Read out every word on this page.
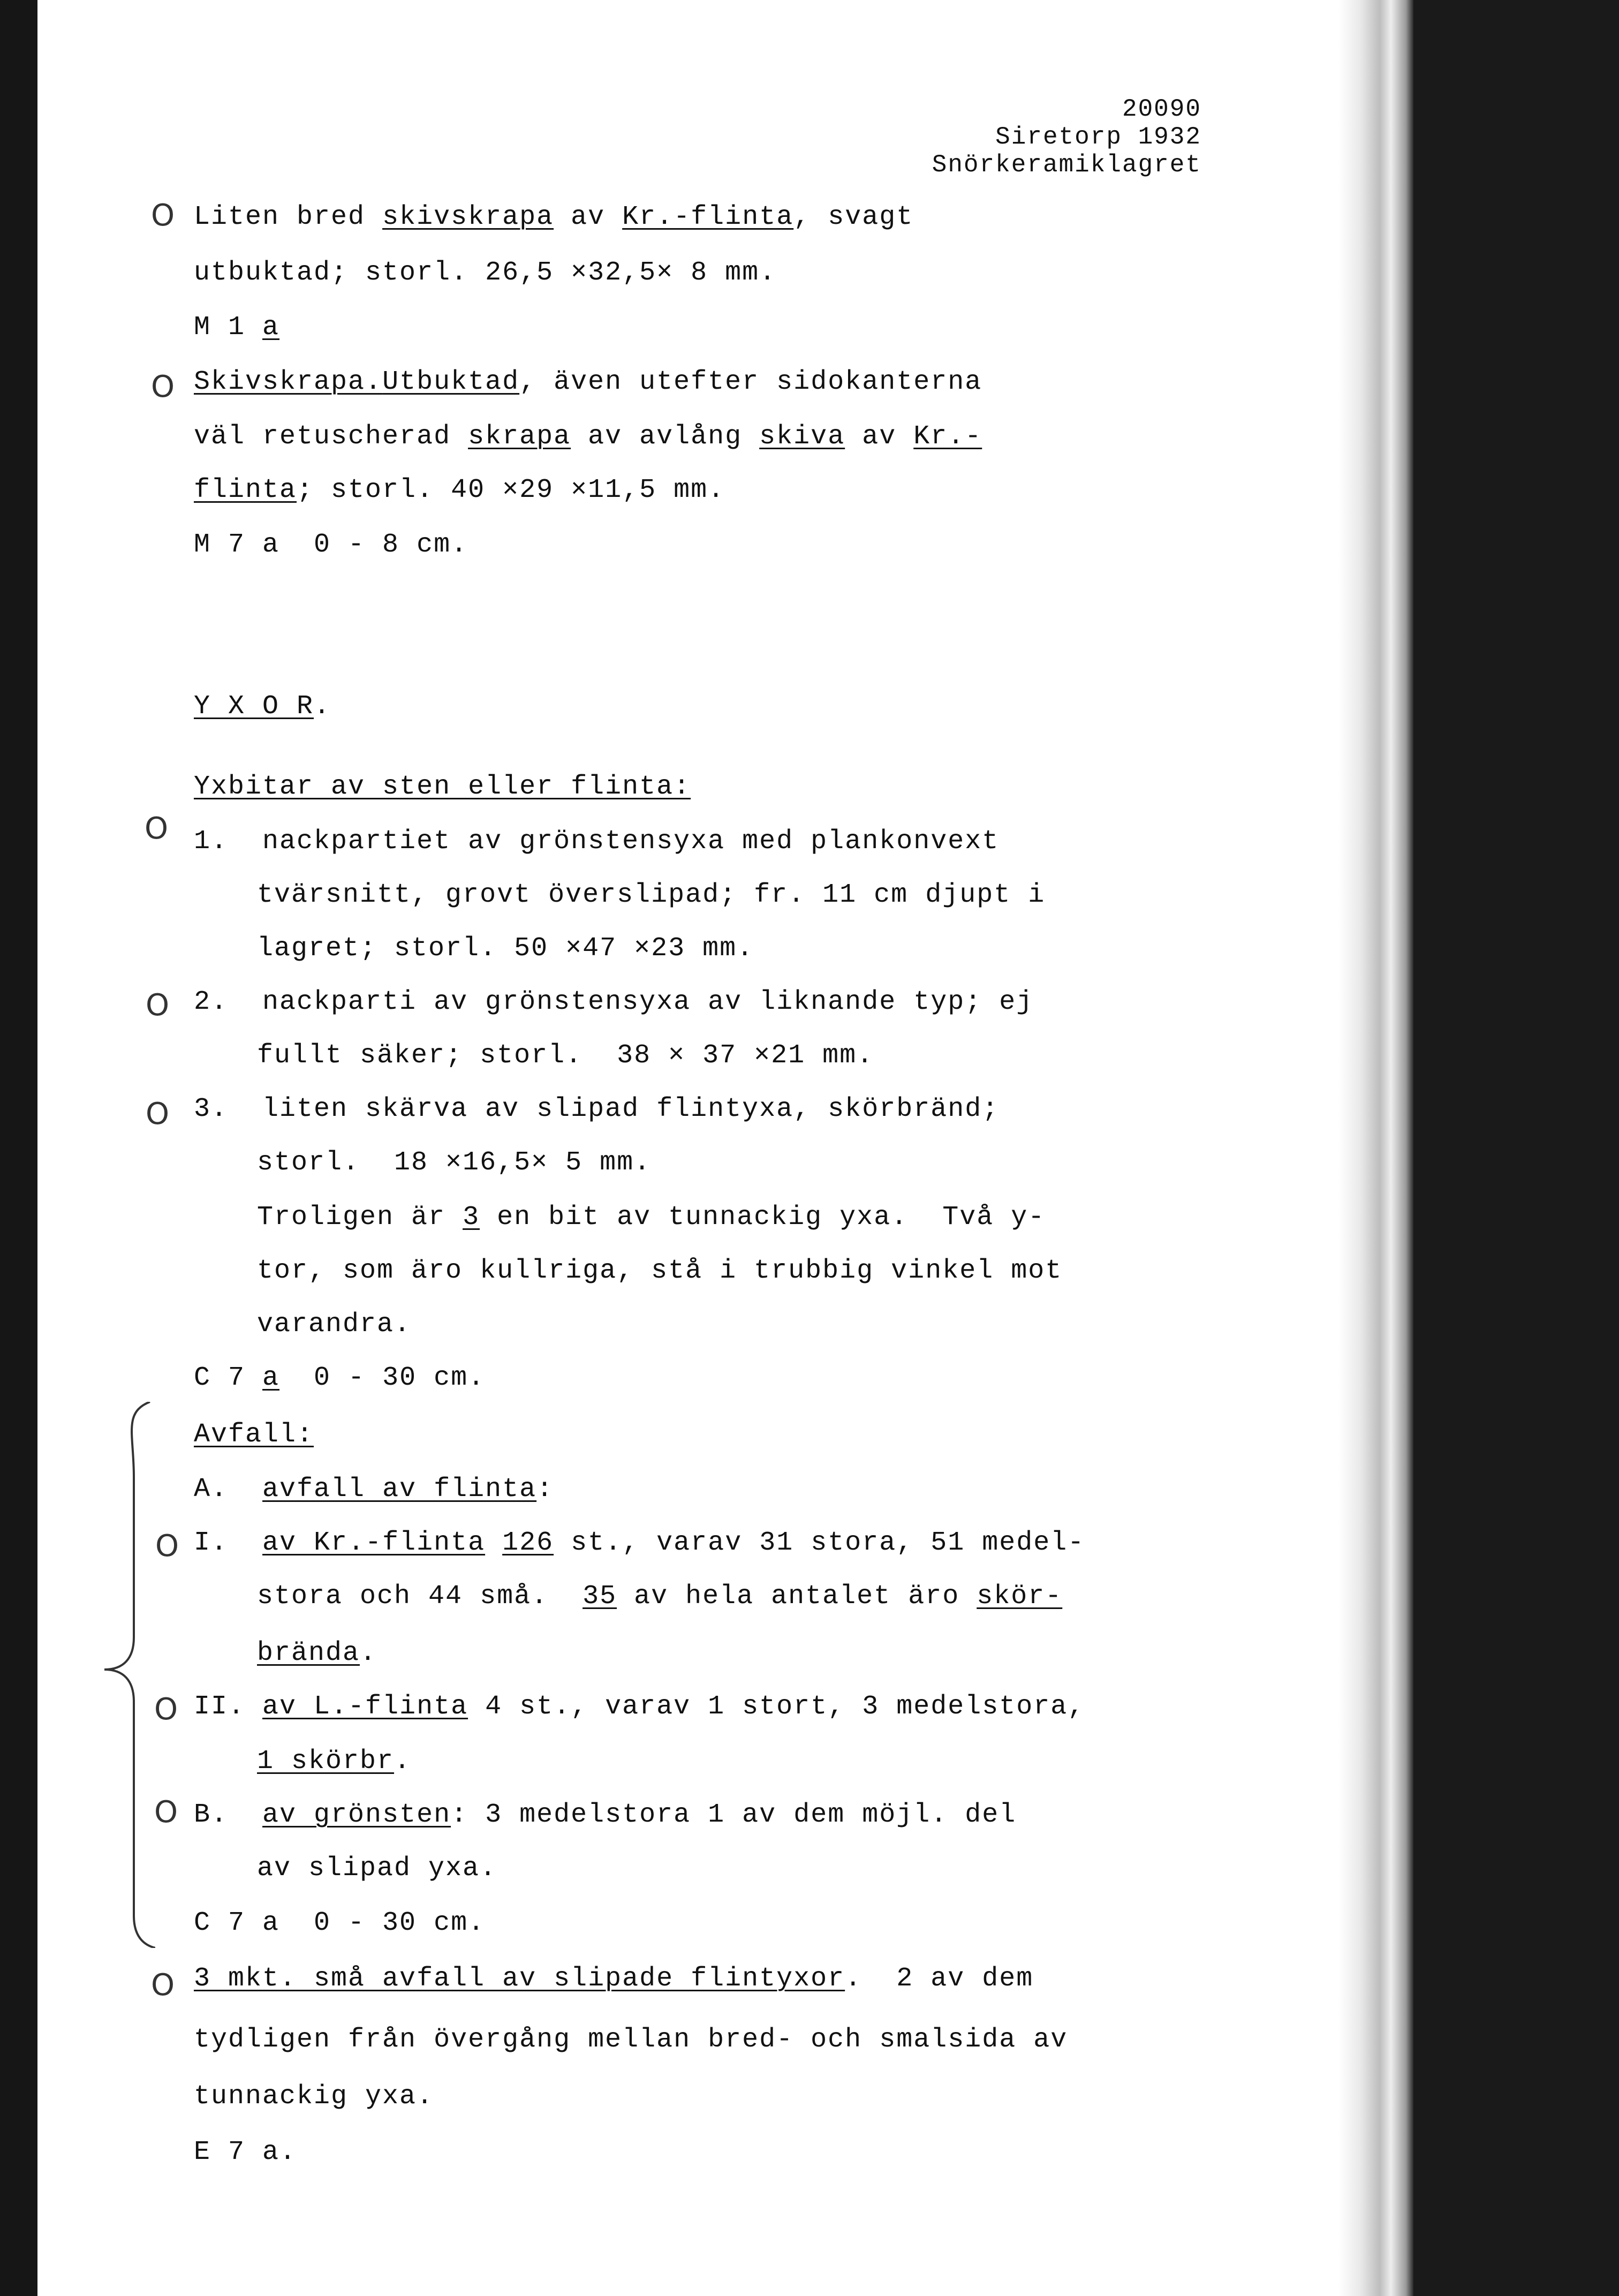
20090
Siretorp 1932
Snörkeramiklagret
O
O
O
O
O
O
O
O
O
Liten bred skivskrapa av Kr.-flinta, svagt
utbuktad; storl. 26,5 ×32,5× 8 mm.
M 1 a
Skivskrapa.Utbuktad, även utefter sidokanterna
väl retuscherad skrapa av avlång skiva av Kr.-
flinta; storl. 40 ×29 ×11,5 mm.
M 7 a  0 - 8 cm.
Y X O R.
Yxbitar av sten eller flinta:
1.  nackpartiet av grönstensyxa med plankonvext
tvärsnitt, grovt överslipad; fr. 11 cm djupt i
lagret; storl. 50 ×47 ×23 mm.
2.  nackparti av grönstensyxa av liknande typ; ej
fullt säker; storl.  38 × 37 ×21 mm.
3.  liten skärva av slipad flintyxa, skörbränd;
storl.  18 ×16,5× 5 mm.
Troligen är 3 en bit av tunnackig yxa.  Två y-
tor, som äro kullriga, stå i trubbig vinkel mot
varandra.
C 7 a  0 - 30 cm.
Avfall:
A.  avfall av flinta:
I.  av Kr.-flinta 126 st., varav 31 stora, 51 medel-
stora och 44 små.  35 av hela antalet äro skör-
brända.
II. av L.-flinta 4 st., varav 1 stort, 3 medelstora,
1 skörbr.
B.  av grönsten: 3 medelstora 1 av dem möjl. del
av slipad yxa.
C 7 a  0 - 30 cm.
3 mkt. små avfall av slipade flintyxor.  2 av dem
tydligen från övergång mellan bred- och smalsida av
tunnackig yxa.
E 7 a.
